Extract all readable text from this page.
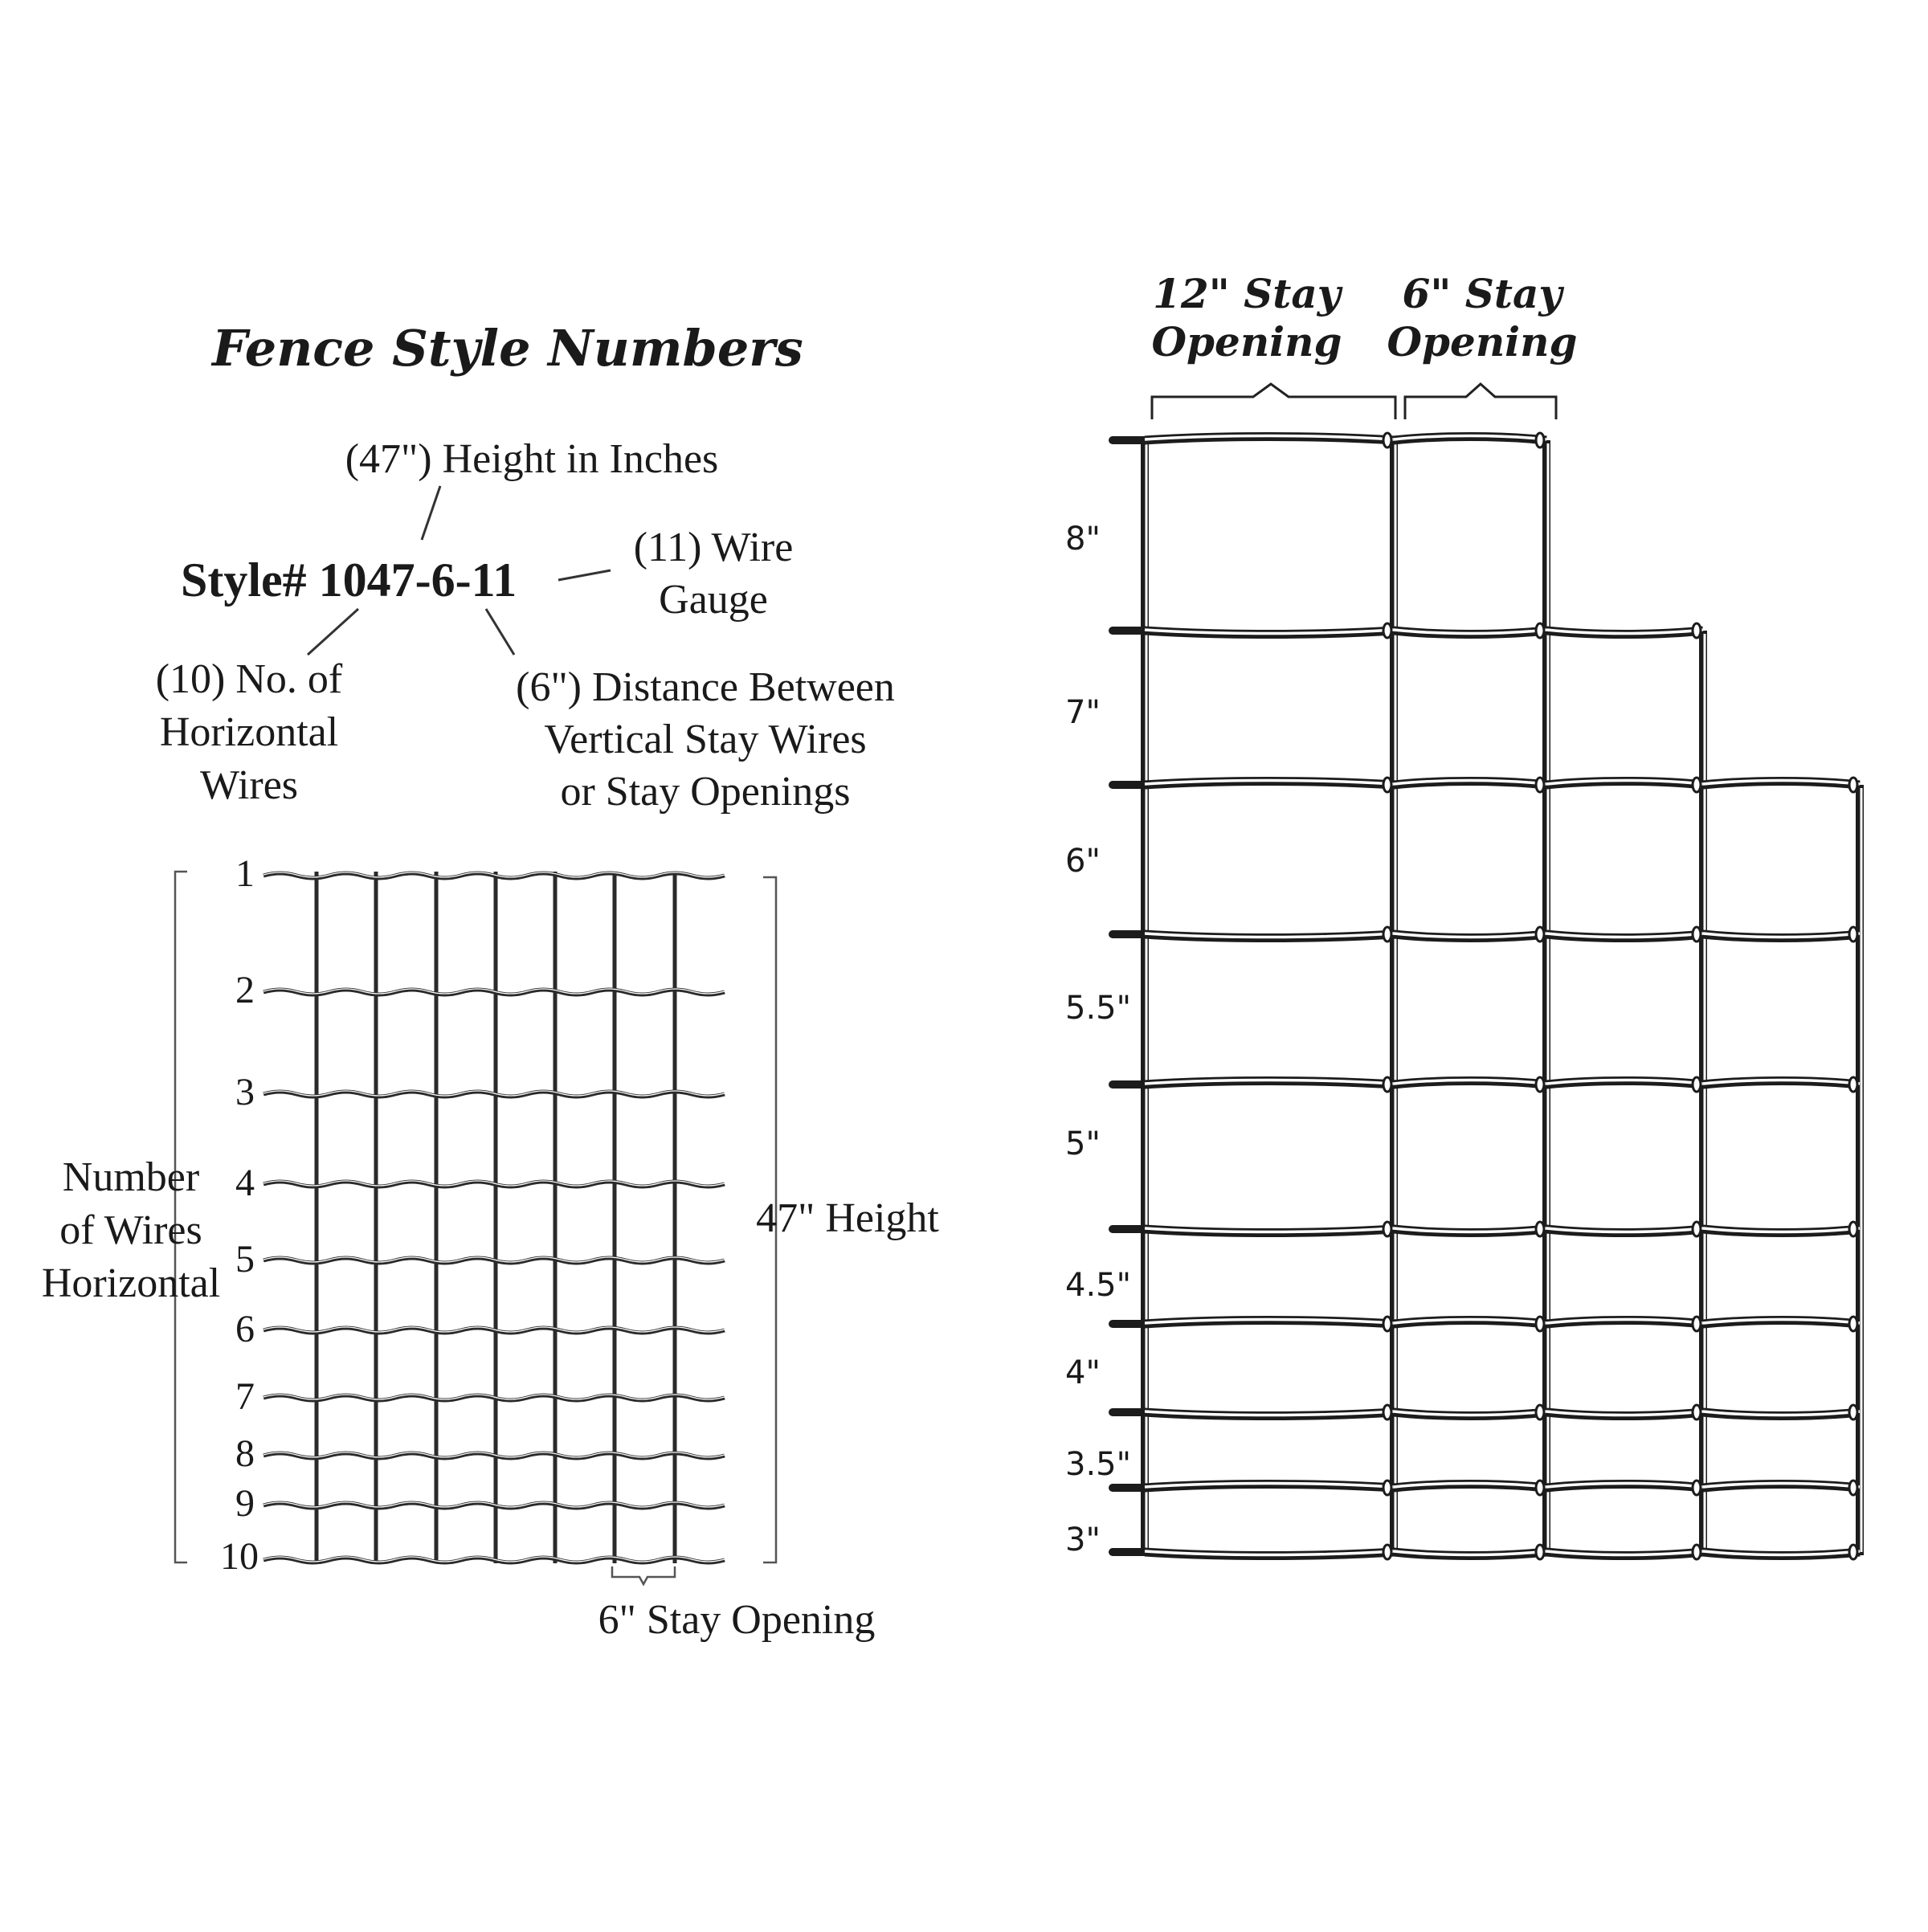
Fence Style Numbers
(47") Height in Inches
Style# 1047-6-11
(11) Wire
Gauge
(10) No. of
Horizontal
Wires
(6") Distance Between
Vertical Stay Wires
or Stay Openings
1
2
3
4
5
6
7
8
9
10
Number
of Wires
Horizontal
47" Height
6" Stay Opening
12" Stay
Opening
6" Stay
Opening
8"
7"
6"
5.5"
5"
4.5"
4"
3.5"
3"
